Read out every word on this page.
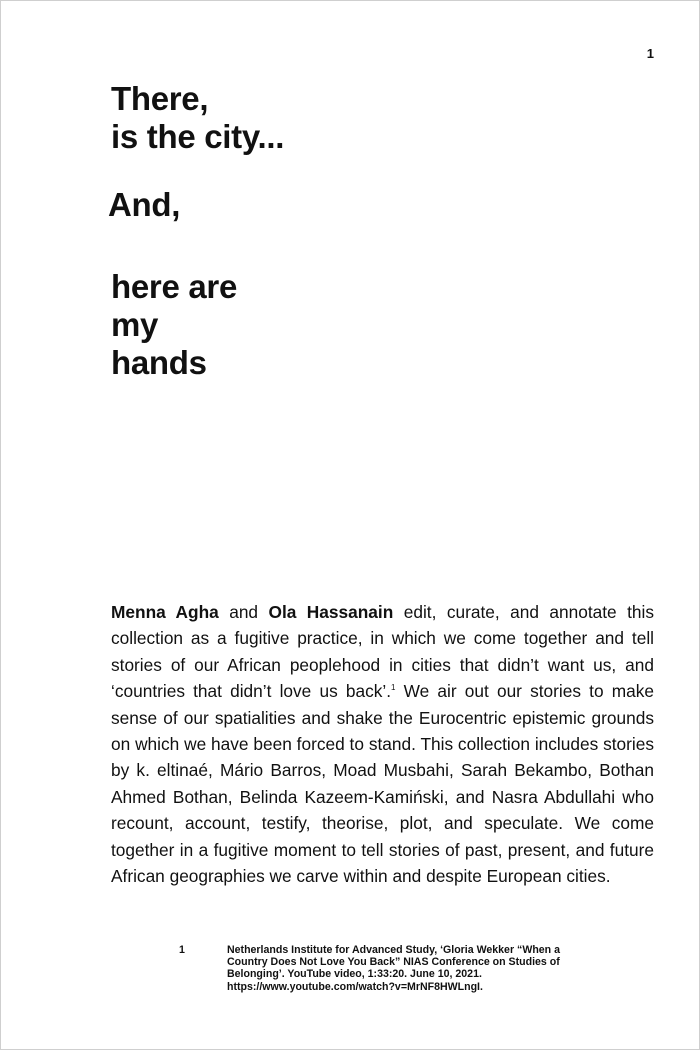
1
There,
is the city...
And,
here are
my
hands
Menna Agha and Ola Hassanain edit, curate, and annotate this collection as a fugitive practice, in which we come together and tell stories of our African peoplehood in cities that didn’t want us, and ‘countries that didn’t love us back’.$^1$ We air out our stories to make sense of our spatialities and shake the Eurocentric epistemic grounds on which we have been forced to stand. This collection includes stories by k. eltinaé, Mário Barros, Moad Musbahi, Sarah Bekambo, Bothan Ahmed Bothan, Belinda Kazeem-Kamiński, and Nasra Abdullahi who recount, account, testify, theorise, plot, and speculate. We come together in a fugitive moment to tell stories of past, present, and future African geographies we carve within and despite European cities.
1	Netherlands Institute for Advanced Study, ‘Gloria Wekker “When a Country Does Not Love You Back” NIAS Conference on Studies of Belonging’. YouTube video, 1:33:20. June 10, 2021. https://www.youtube.com/watch?v=MrNF8HWLngI.
